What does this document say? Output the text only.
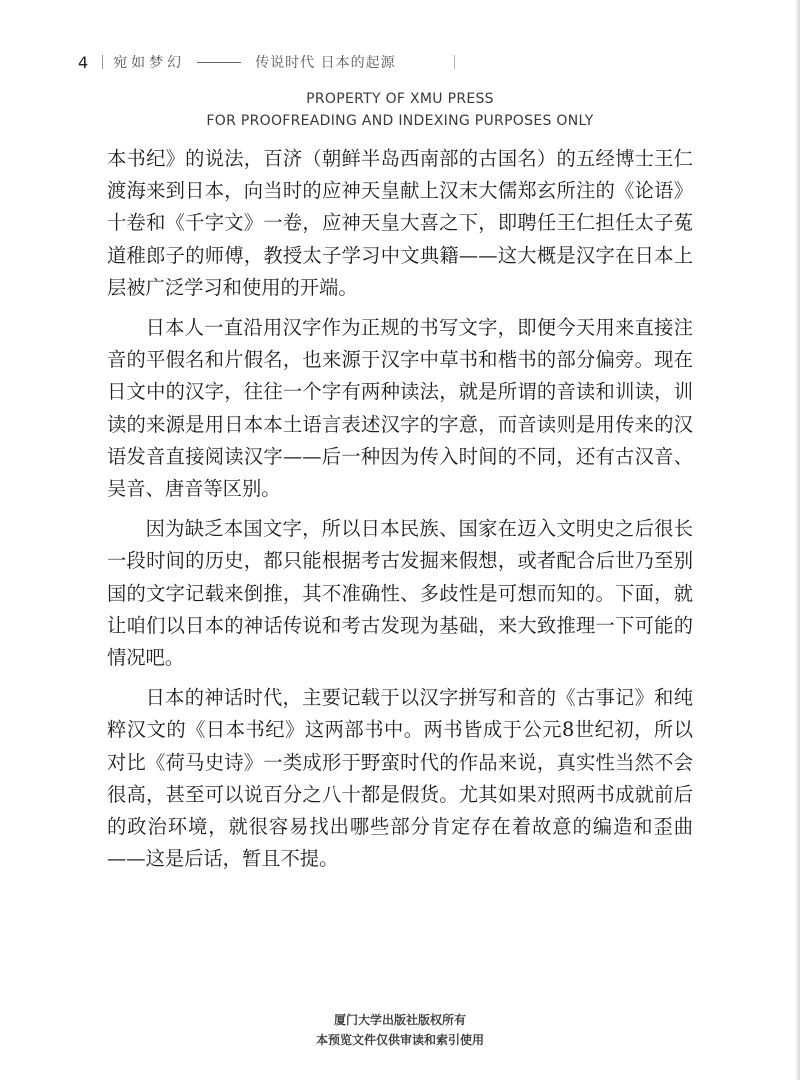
4 宛如梦幻	传说时代 日本的起源
PROPERTY OF XMU PRESS
FOR PROOFREADING AND INDEXING PURPOSES ONLY

本书纪》的说法，百济（朝鲜半岛西南部的古国名）的五经博士王仁渡海来到日本，向当时的应神天皇献上汉末大儒郑玄所注的《论语》十卷和《千字文》一卷，应神天皇大喜之下，即聘任王仁担任太子菟道稚郎子的师傅，教授太子学习中文典籍——这大概是汉字在日本上层被广泛学习和使用的开端。

日本人一直沿用汉字作为正规的书写文字，即便今天用来直接注音的平假名和片假名，也来源于汉字中草书和楷书的部分偏旁。现在日文中的汉字，往往一个字有两种读法，就是所谓的音读和训读，训读的来源是用日本本土语言表述汉字的字意，而音读则是用传来的汉语发音直接阅读汉字——后一种因为传入时间的不同，还有古汉音、吴音、唐音等区别。

因为缺乏本国文字，所以日本民族、国家在迈入文明史之后很长一段时间的历史，都只能根据考古发掘来假想，或者配合后世乃至别国的文字记载来倒推，其不准确性、多歧性是可想而知的。下面，就让咱们以日本的神话传说和考古发现为基础，来大致推理一下可能的情况吧。

日本的神话时代，主要记载于以汉字拼写和音的《古事记》和纯粹汉文的《日本书纪》这两部书中。两书皆成于公元8世纪初，所以对比《荷马史诗》一类成形于野蛮时代的作品来说，真实性当然不会很高，甚至可以说百分之八十都是假货。尤其如果对照两书成就前后的政治环境，就很容易找出哪些部分肯定存在着故意的编造和歪曲——这是后话，暂且不提。

厦门大学出版社版权所有
本预览文件仅供审读和索引使用
